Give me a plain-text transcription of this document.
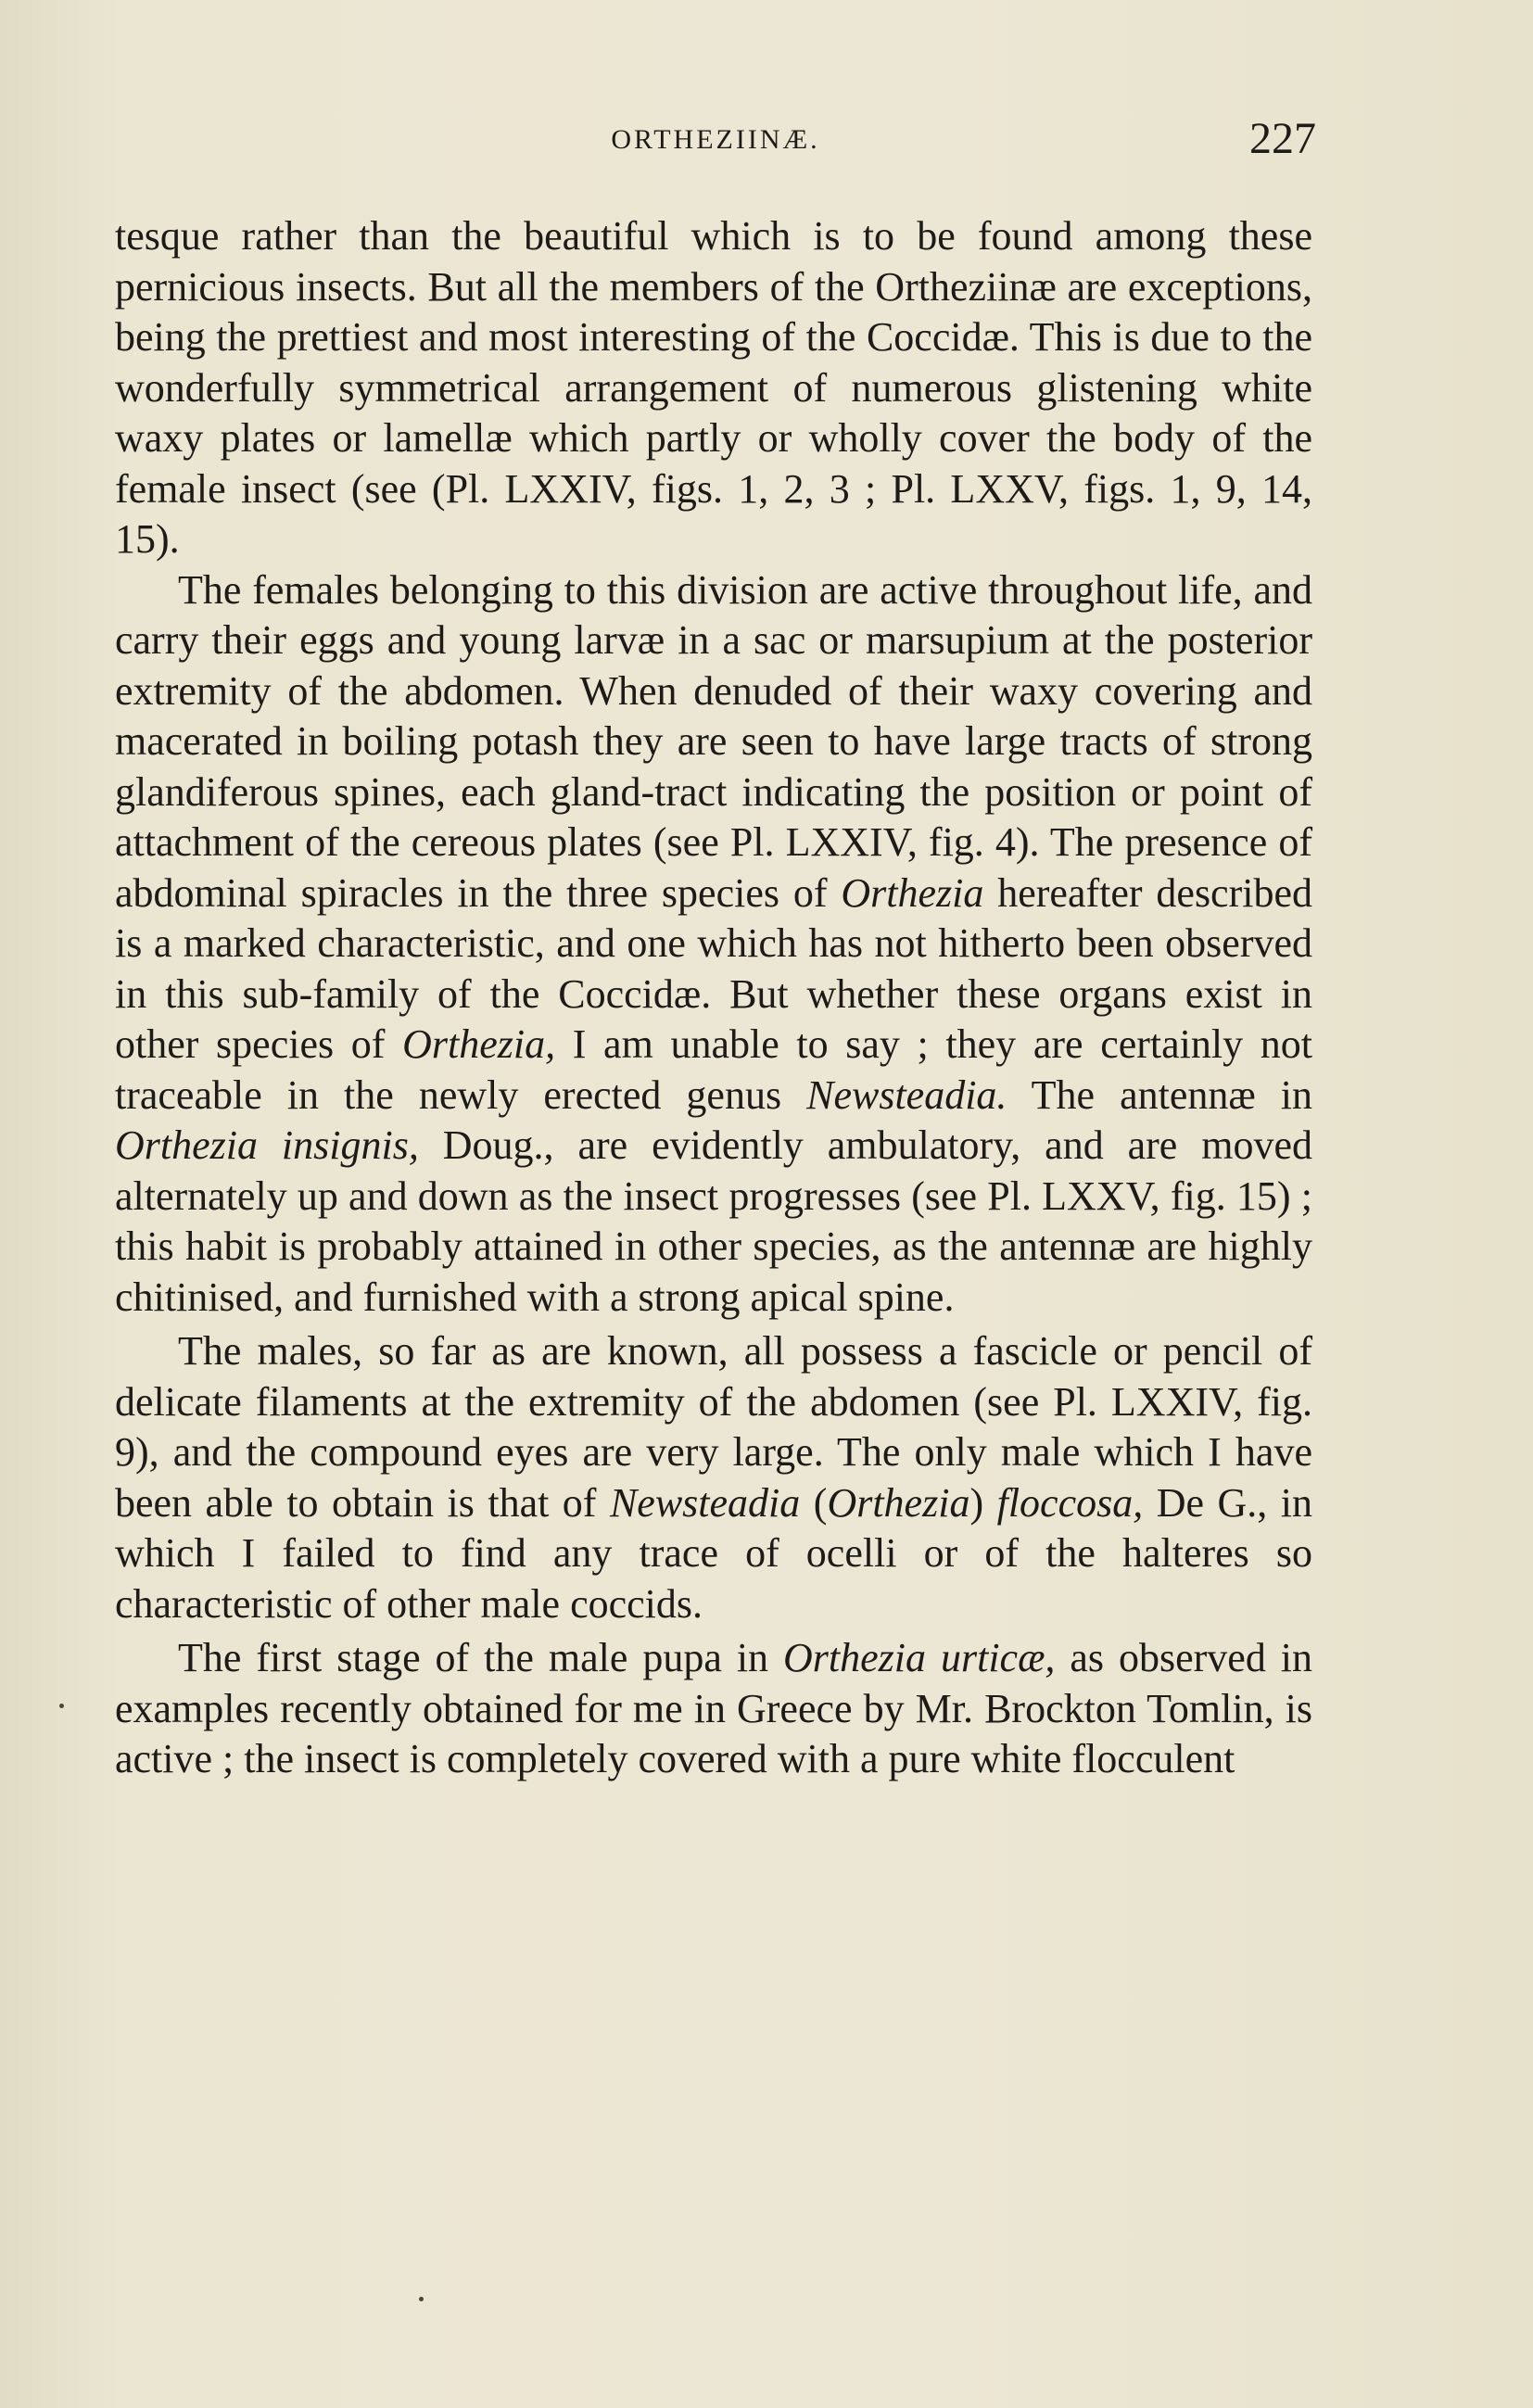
ORTHEZIINÆ.	227

tesque rather than the beautiful which is to be found among these pernicious insects. But all the members of the Ortheziinæ are exceptions, being the prettiest and most interesting of the Coccidæ. This is due to the wonderfully symmetrical arrangement of numerous glistening white waxy plates or lamellæ which partly or wholly cover the body of the female insect (see (Pl. LXXIV, figs. 1, 2, 3 ; Pl. LXXV, figs. 1, 9, 14, 15).

The females belonging to this division are active throughout life, and carry their eggs and young larvæ in a sac or marsupium at the posterior extremity of the abdomen. When denuded of their waxy covering and macerated in boiling potash they are seen to have large tracts of strong glandiferous spines, each gland-tract indicating the position or point of attachment of the cereous plates (see Pl. LXXIV, fig. 4). The presence of abdominal spiracles in the three species of Orthezia hereafter described is a marked characteristic, and one which has not hitherto been observed in this sub-family of the Coccidæ. But whether these organs exist in other species of Orthezia, I am unable to say ; they are certainly not traceable in the newly erected genus Newsteadia. The antennæ in Orthezia insignis, Doug., are evidently ambulatory, and are moved alternately up and down as the insect progresses (see Pl. LXXV, fig. 15) ; this habit is probably attained in other species, as the antennæ are highly chitinised, and furnished with a strong apical spine.

The males, so far as are known, all possess a fascicle or pencil of delicate filaments at the extremity of the abdomen (see Pl. LXXIV, fig. 9), and the compound eyes are very large. The only male which I have been able to obtain is that of Newsteadia (Orthezia) floccosa, De G., in which I failed to find any trace of ocelli or of the halteres so characteristic of other male coccids.

The first stage of the male pupa in Orthezia urticæ, as observed in examples recently obtained for me in Greece by Mr. Brockton Tomlin, is active ; the insect is completely covered with a pure white flocculent
